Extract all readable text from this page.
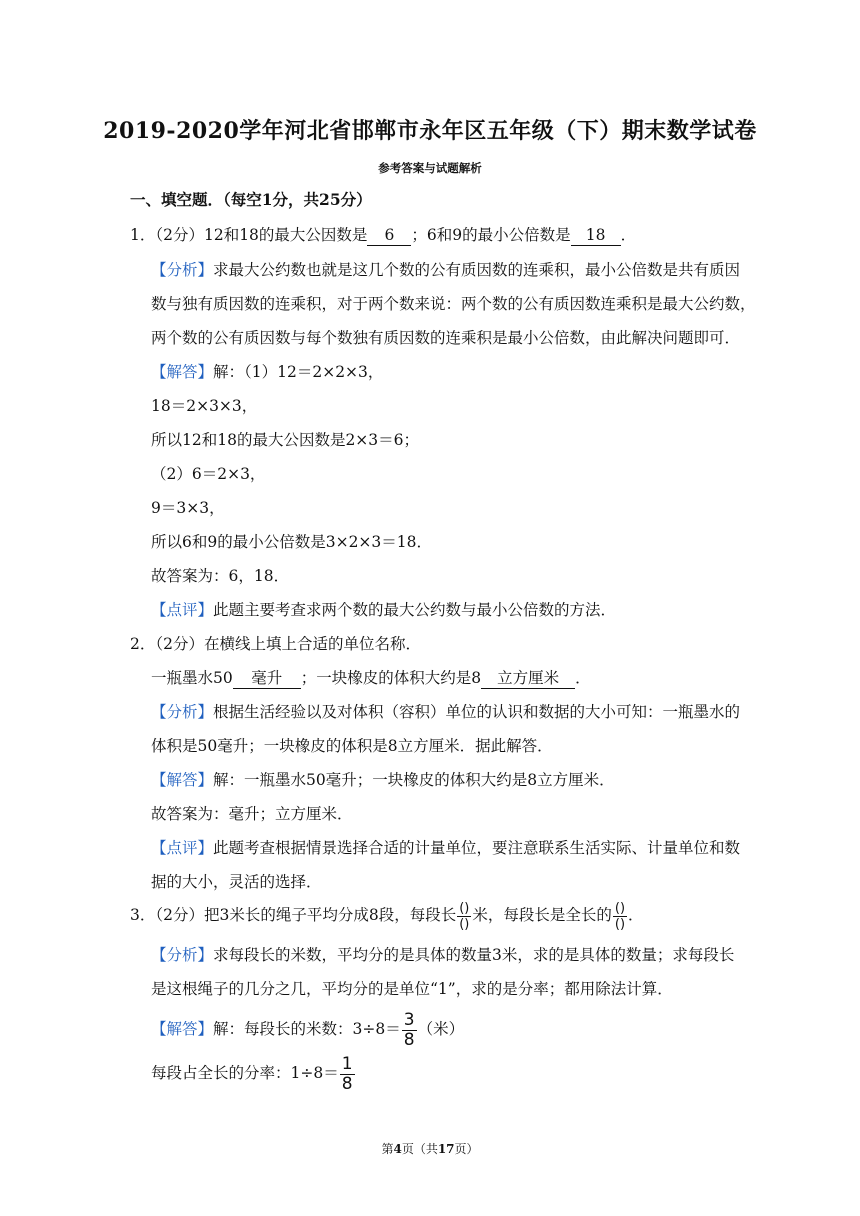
2019-2020学年河北省邯郸市永年区五年级（下）期末数学试卷
参考答案与试题解析
一、填空题．（每空1分，共25分）
1．（2分）12和18的最大公因数是 6 ；6和9的最小公倍数是 18 ．
【分析】求最大公约数也就是这几个数的公有质因数的连乘积，最小公倍数是共有质因
数与独有质因数的连乘积，对于两个数来说：两个数的公有质因数连乘积是最大公约数，
两个数的公有质因数与每个数独有质因数的连乘积是最小公倍数，由此解决问题即可．
【解答】解：（1）12＝2×2×3，
18＝2×3×3，
所以12和18的最大公因数是2×3＝6；
（2）6＝2×3，
9＝3×3，
所以6和9的最小公倍数是3×2×3＝18．
故答案为：6，18．
【点评】此题主要考查求两个数的最大公约数与最小公倍数的方法．
2．（2分）在横线上填上合适的单位名称．
一瓶墨水50 毫升 ；一块橡皮的体积大约是8 立方厘米 ．
【分析】根据生活经验以及对体积（容积）单位的认识和数据的大小可知：一瓶墨水的
体积是50毫升；一块橡皮的体积是8立方厘米．据此解答．
【解答】解：一瓶墨水50毫升；一块橡皮的体积大约是8立方厘米．
故答案为：毫升；立方厘米．
【点评】此题考查根据情景选择合适的计量单位，要注意联系生活实际、计量单位和数
据的大小，灵活的选择．
3．（2分）把3米长的绳子平均分成8段，每段长 $\frac{()}{()}$ 米，每段长是全长的 $\frac{()}{()}$ ．
【分析】求每段长的米数，平均分的是具体的数量3米，求的是具体的数量；求每段长
是这根绳子的几分之几，平均分的是单位“1”，求的是分率；都用除法计算．
【解答】解：每段长的米数：$3\div 8= \frac{3}{8}$ （米）
每段占全长的分率：$1\div 8= \frac{1}{8}$
第4页（共17页）
